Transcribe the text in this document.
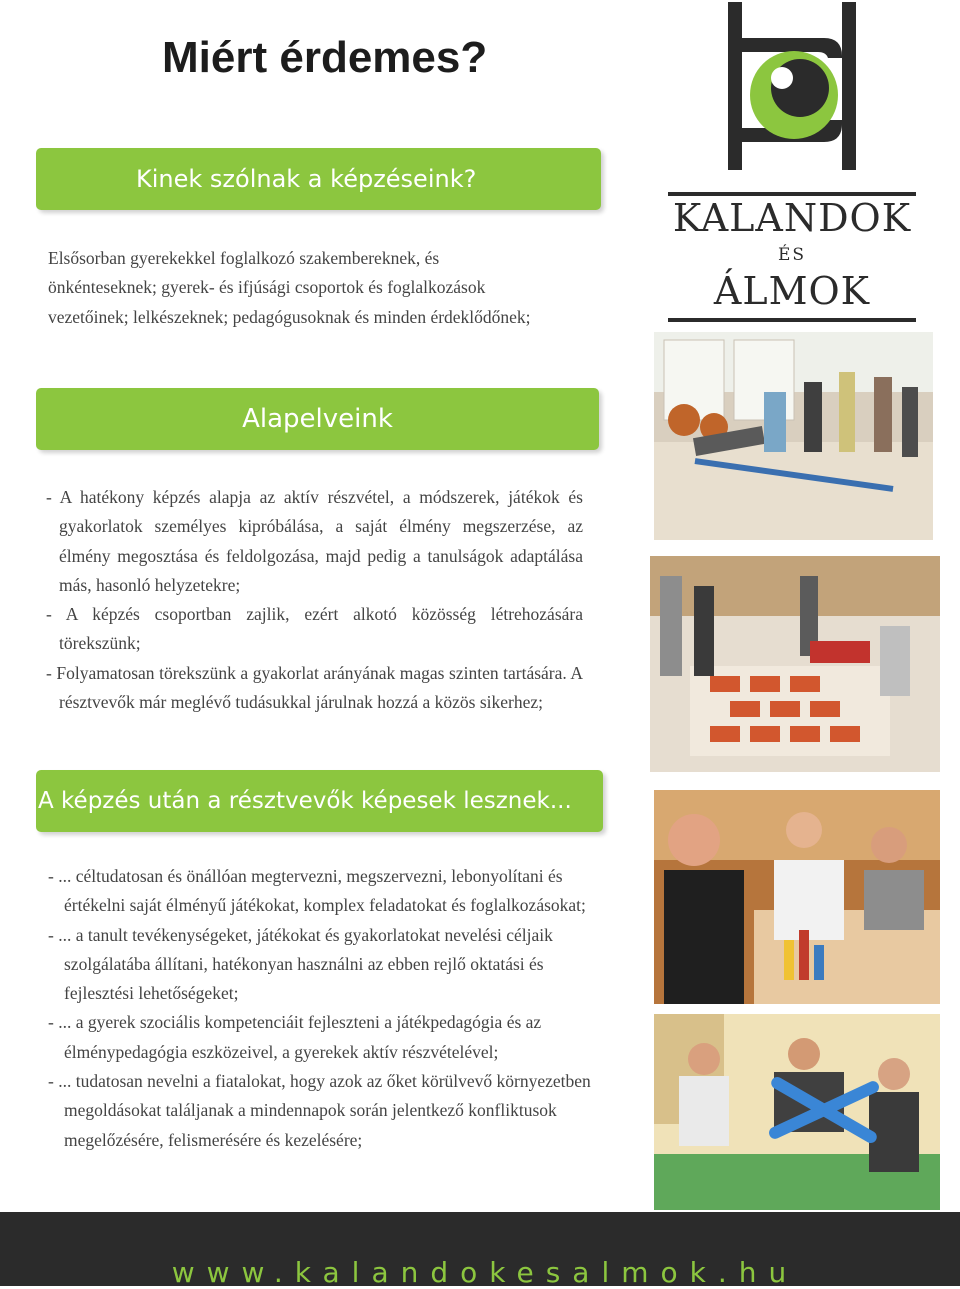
Miért érdemes?
KALANDOK
ÉS
ÁLMOK
Kinek szólnak a képzéseink?
Elsősorban gyerekekkel foglalkozó szakembereknek, és
önkénteseknek; gyerek- és ifjúsági csoportok és foglalkozások
vezetőinek; lelkészeknek; pedagógusoknak és minden érdeklődőnek;
Alapelveink
- A hatékony képzés alapja az aktív részvétel, a módszerek, játékok és gyakorlatok személyes kipróbálása, a saját élmény megszerzése, az élmény megosztása és feldolgozása, majd pedig a tanulságok adaptálása más, hasonló helyzetekre;
- A képzés csoportban zajlik, ezért alkotó közösség létrehozására törekszünk;
- Folyamatosan törekszünk a gyakorlat arányának magas szinten tartására. A résztvevők már meglévő tudásukkal járulnak hozzá a közös sikerhez;
A képzés után a résztvevők képesek lesznek...
- ... céltudatosan és önállóan megtervezni, megszervezni, lebonyolítani és értékelni saját élményű játékokat, komplex feladatokat és foglalkozásokat;
- ... a tanult tevékenységeket, játékokat és gyakorlatokat nevelési céljaik szolgálatába állítani, hatékonyan használni az ebben rejlő oktatási és fejlesztési lehetőségeket;
- ... a gyerek szociális kompetenciáit fejleszteni a játékpedagógia és az élménypedagógia eszközeivel, a gyerekek aktív részvételével;
- ... tudatosan nevelni a fiatalokat, hogy azok az őket körülvevő környezetben megoldásokat találjanak a mindennapok során jelentkező konfliktusok megelőzésére, felismerésére és kezelésére;
www.kalandokesalmok.hu
